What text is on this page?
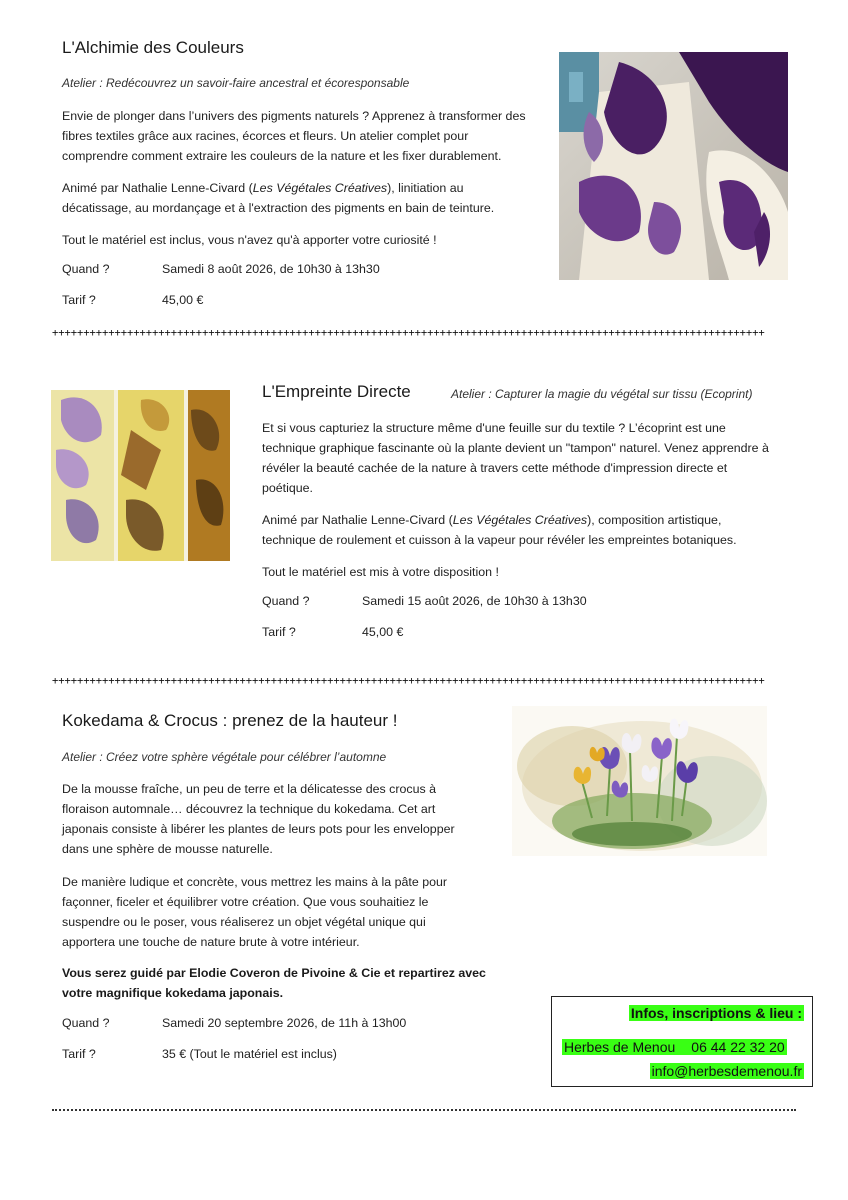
L'Alchimie des Couleurs
Atelier : Redécouvrez un savoir-faire ancestral et écoresponsable

Envie de plonger dans l’univers des pigments naturels ? Apprenez à transformer des fibres textiles grâce aux racines, écorces et fleurs. Un atelier complet pour comprendre comment extraire les couleurs de la nature et les fixer durablement.

Animé par Nathalie Lenne-Civard (Les Végétales Créatives), linitiation au décatissage, au mordançage et à l'extraction des pigments en bain de teinture.

Tout le matériel est inclus, vous n'avez qu'à apporter votre curiosité !

Quand ?	Samedi 8 août 2026, de 10h30 à 13h30
Tarif ?	45,00 €
++++++++++++++++++++++++++++++++++++++++++++++++++++++++++++++++++++++++++++++++++++++++++++++++++++++++++++++++++
L'Empreinte Directe	Atelier : Capturer la magie du végétal sur tissu (Ecoprint)

Et si vous capturiez la structure même d'une feuille sur du textile ? L’écoprint est une technique graphique fascinante où la plante devient un "tampon" naturel. Venez apprendre à révéler la beauté cachée de la nature à travers cette méthode d'impression directe et poétique.

Animé par Nathalie Lenne-Civard (Les Végétales Créatives), composition artistique, technique de roulement et cuisson à la vapeur pour révéler les empreintes botaniques.

Tout le matériel est mis à votre disposition !

Quand ?	Samedi 15 août 2026, de 10h30 à 13h30
Tarif ?	45,00 €
++++++++++++++++++++++++++++++++++++++++++++++++++++++++++++++++++++++++++++++++++++++++++++++++++++++++++++++++++
Kokedama & Crocus : prenez de la hauteur !
Atelier : Créez votre sphère végétale pour célébrer l’automne

De la mousse fraîche, un peu de terre et la délicatesse des crocus à floraison automnale… découvrez la technique du kokedama. Cet art japonais consiste à libérer les plantes de leurs pots pour les envelopper dans une sphère de mousse naturelle.

De manière ludique et concrète, vous mettrez les mains à la pâte pour façonner, ficeler et équilibrer votre création. Que vous souhaitiez le suspendre ou le poser, vous réaliserez un objet végétal unique qui apportera une touche de nature brute à votre intérieur.

Vous serez guidé par Elodie Coveron de Pivoine & Cie et repartirez avec votre magnifique kokedama japonais.

Quand ?	Samedi 20 septembre 2026, de 11h à 13h00
Tarif ?	35 € (Tout le matériel est inclus)
Infos, inscriptions & lieu :
Herbes de Menou 06 44 22 32 20
info@herbesdemenou.fr
